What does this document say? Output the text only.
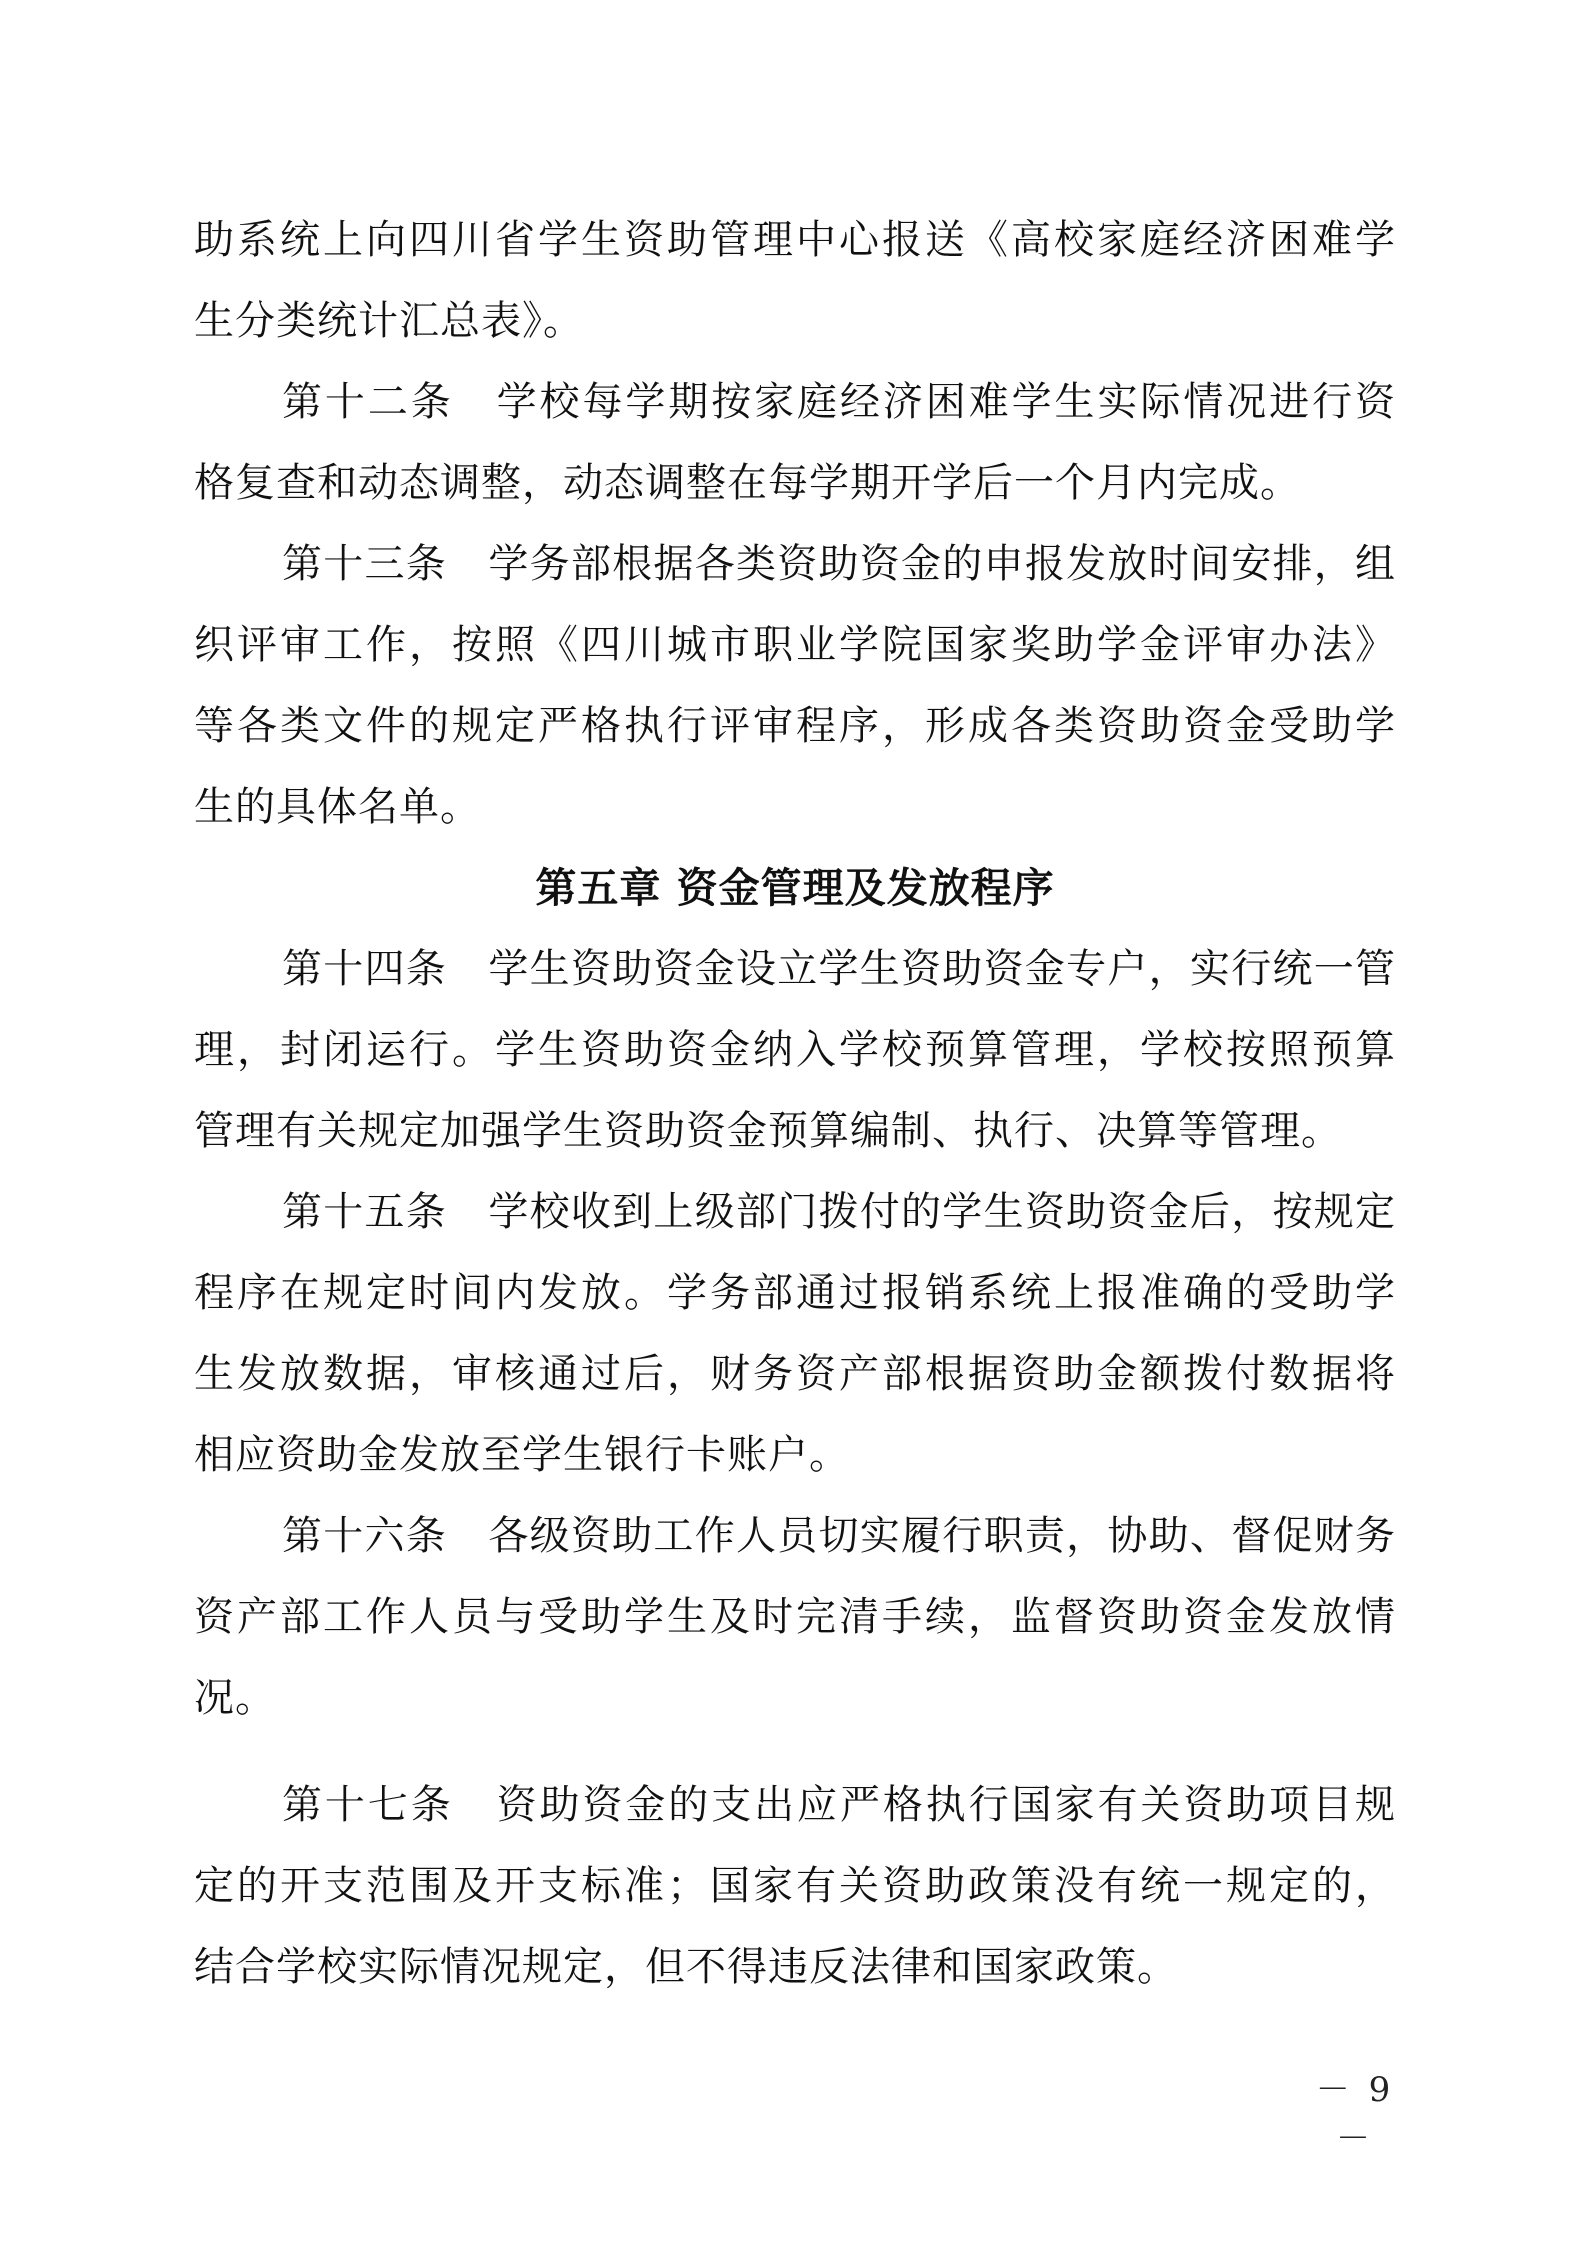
助系统上向四川省学生资助管理中心报送《高校家庭经济困难学
生分类统计汇总表》。
第十二条　学校每学期按家庭经济困难学生实际情况进行资
格复查和动态调整，动态调整在每学期开学后一个月内完成。
第十三条　学务部根据各类资助资金的申报发放时间安排，组
织评审工作，按照《四川城市职业学院国家奖助学金评审办法》
等各类文件的规定严格执行评审程序，形成各类资助资金受助学
生的具体名单。
第五章 资金管理及发放程序
第十四条　学生资助资金设立学生资助资金专户，实行统一管
理，封闭运行。学生资助资金纳入学校预算管理，学校按照预算
管理有关规定加强学生资助资金预算编制、执行、决算等管理。
第十五条　学校收到上级部门拨付的学生资助资金后，按规定
程序在规定时间内发放。学务部通过报销系统上报准确的受助学
生发放数据，审核通过后，财务资产部根据资助金额拨付数据将
相应资助金发放至学生银行卡账户。
第十六条　各级资助工作人员切实履行职责，协助、督促财务
资产部工作人员与受助学生及时完清手续，监督资助资金发放情
况。
第十七条　资助资金的支出应严格执行国家有关资助项目规
定的开支范围及开支标准；国家有关资助政策没有统一规定的，
结合学校实际情况规定，但不得违反法律和国家政策。
－ 9 －
